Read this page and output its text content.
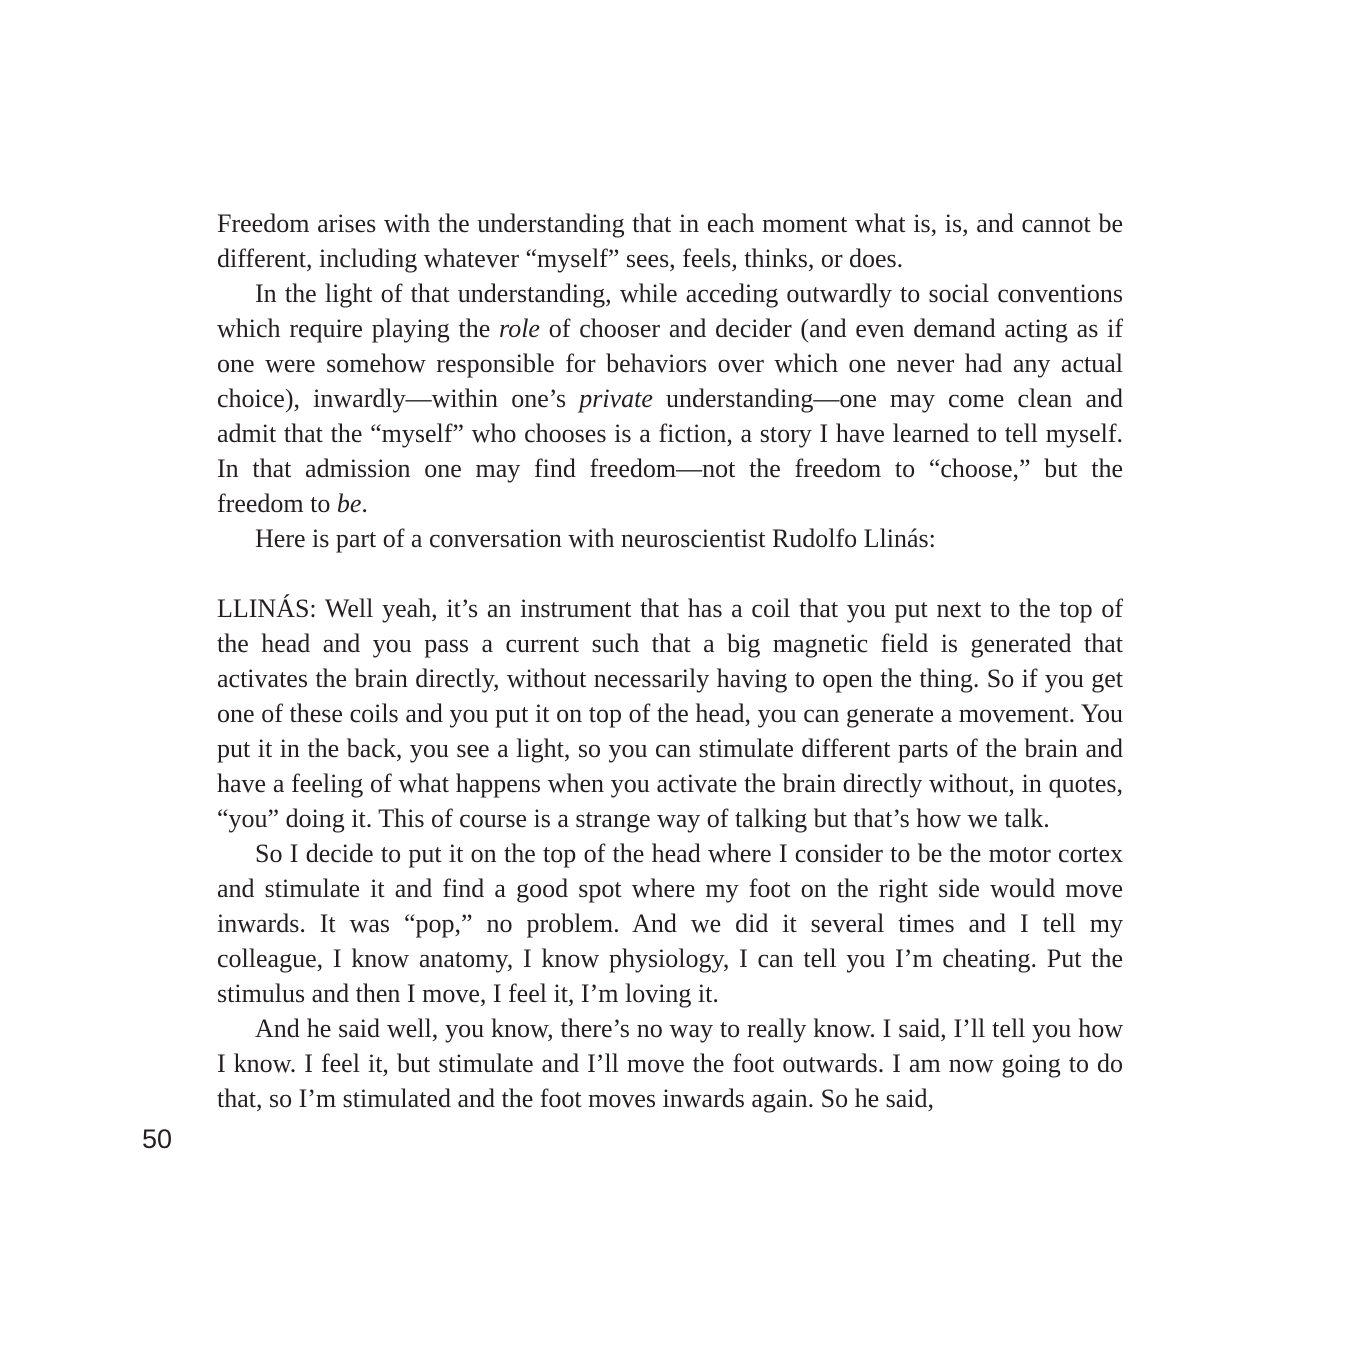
Freedom arises with the understanding that in each moment what is, is, and cannot be different, including whatever “myself” sees, feels, thinks, or does.

In the light of that understanding, while acceding outwardly to social conventions which require playing the role of chooser and decider (and even demand acting as if one were somehow responsible for behaviors over which one never had any actual choice), inwardly—within one’s private understanding—one may come clean and admit that the “myself” who chooses is a fiction, a story I have learned to tell myself. In that admission one may find freedom—not the freedom to “choose,” but the freedom to be.

Here is part of a conversation with neuroscientist Rudolfo Llinás:

LLINÁS: Well yeah, it’s an instrument that has a coil that you put next to the top of the head and you pass a current such that a big magnetic field is generated that activates the brain directly, without necessarily having to open the thing. So if you get one of these coils and you put it on top of the head, you can generate a movement. You put it in the back, you see a light, so you can stimulate different parts of the brain and have a feeling of what happens when you activate the brain directly without, in quotes, “you” doing it. This of course is a strange way of talking but that’s how we talk.

So I decide to put it on the top of the head where I consider to be the motor cortex and stimulate it and find a good spot where my foot on the right side would move inwards. It was “pop,” no problem. And we did it several times and I tell my colleague, I know anatomy, I know physiology, I can tell you I’m cheating. Put the stimulus and then I move, I feel it, I’m loving it.

And he said well, you know, there’s no way to really know. I said, I’ll tell you how I know. I feel it, but stimulate and I’ll move the foot outwards. I am now going to do that, so I’m stimulated and the foot moves inwards again. So he said,

50
